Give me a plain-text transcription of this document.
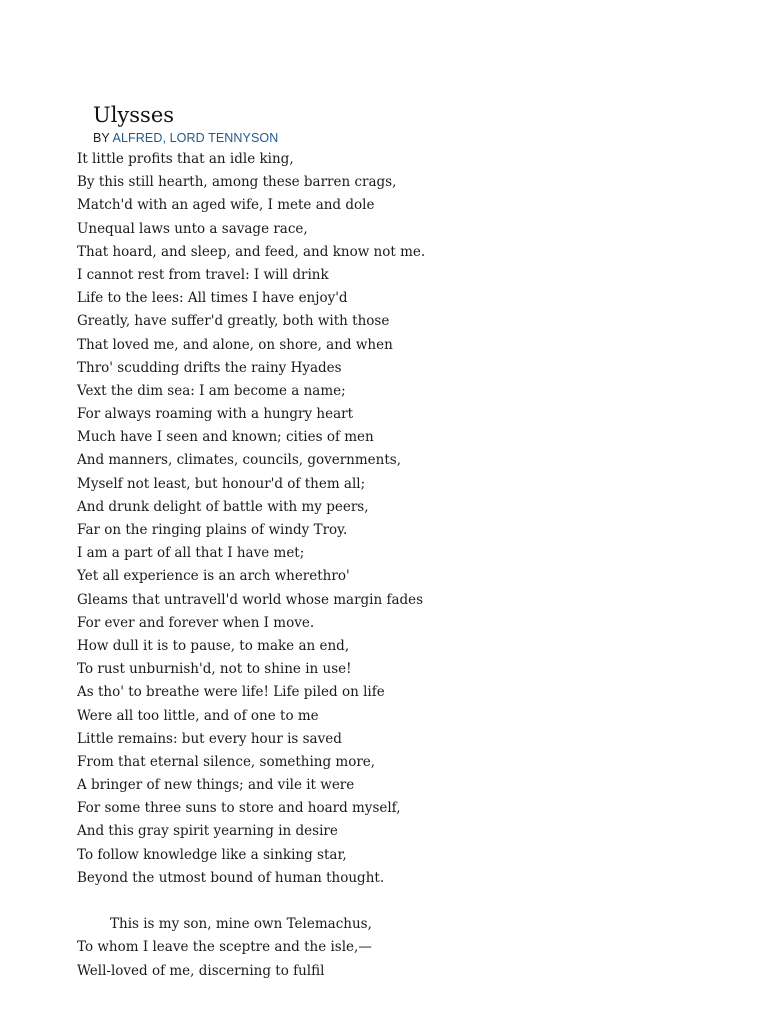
Ulysses
BY ALFRED, LORD TENNYSON
It little profits that an idle king,
By this still hearth, among these barren crags,
Match'd with an aged wife, I mete and dole
Unequal laws unto a savage race,
That hoard, and sleep, and feed, and know not me.
I cannot rest from travel: I will drink
Life to the lees: All times I have enjoy'd
Greatly, have suffer'd greatly, both with those
That loved me, and alone, on shore, and when
Thro' scudding drifts the rainy Hyades
Vext the dim sea: I am become a name;
For always roaming with a hungry heart
Much have I seen and known; cities of men
And manners, climates, councils, governments,
Myself not least, but honour'd of them all;
And drunk delight of battle with my peers,
Far on the ringing plains of windy Troy.
I am a part of all that I have met;
Yet all experience is an arch wherethro'
Gleams that untravell'd world whose margin fades
For ever and forever when I move.
How dull it is to pause, to make an end,
To rust unburnish'd, not to shine in use!
As tho' to breathe were life! Life piled on life
Were all too little, and of one to me
Little remains: but every hour is saved
From that eternal silence, something more,
A bringer of new things; and vile it were
For some three suns to store and hoard myself,
And this gray spirit yearning in desire
To follow knowledge like a sinking star,
Beyond the utmost bound of human thought.
This is my son, mine own Telemachus,
To whom I leave the sceptre and the isle,—
Well-loved of me, discerning to fulfil
